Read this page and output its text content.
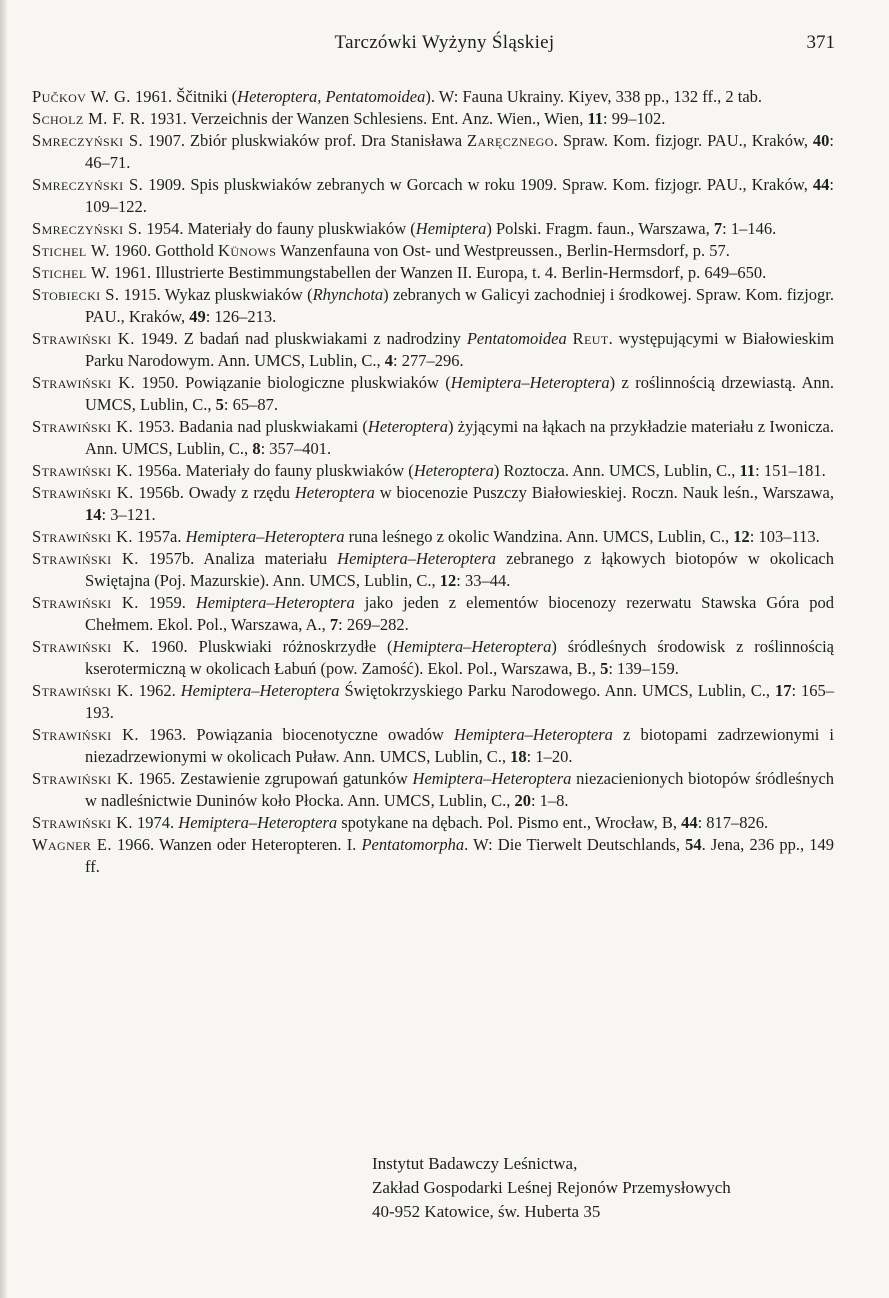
Tarczówki Wyżyny Śląskiej	371
Pučkov W. G. 1961. Ščitniki (Heteroptera, Pentatomoidea). W: Fauna Ukrainy. Kiyev, 338 pp., 132 ff., 2 tab.
Scholz M. F. R. 1931. Verzeichnis der Wanzen Schlesiens. Ent. Anz. Wien., Wien, 11: 99–102.
Smreczyński S. 1907. Zbiór pluskwiaków prof. Dra Stanisława Zaręcznego. Spraw. Kom. fizjogr. PAU., Kraków, 40: 46–71.
Smreczyński S. 1909. Spis pluskwiaków zebranych w Gorcach w roku 1909. Spraw. Kom. fizjogr. PAU., Kraków, 44: 109–122.
Smreczyński S. 1954. Materiały do fauny pluskwiaków (Hemiptera) Polski. Fragm. faun., Warszawa, 7: 1–146.
Stichel W. 1960. Gotthold Künows Wanzenfauna von Ost- und Westpreussen., Berlin-Hermsdorf, p. 57.
Stichel W. 1961. Illustrierte Bestimmungstabellen der Wanzen II. Europa, t. 4. Berlin-Hermsdorf, p. 649–650.
Stobiecki S. 1915. Wykaz pluskwiaków (Rhynchota) zebranych w Galicyi zachodniej i środkowej. Spraw. Kom. fizjogr. PAU., Kraków, 49: 126–213.
Strawiński K. 1949. Z badań nad pluskwiakami z nadrodziny Pentatomoidea Reut. występującymi w Białowieskim Parku Narodowym. Ann. UMCS, Lublin, C., 4: 277–296.
Strawiński K. 1950. Powiązanie biologiczne pluskwiaków (Hemiptera–Heteroptera) z roślinnością drzewiastą. Ann. UMCS, Lublin, C., 5: 65–87.
Strawiński K. 1953. Badania nad pluskwiakami (Heteroptera) żyjącymi na łąkach na przykładzie materiału z Iwonicza. Ann. UMCS, Lublin, C., 8: 357–401.
Strawiński K. 1956a. Materiały do fauny pluskwiaków (Heteroptera) Roztocza. Ann. UMCS, Lublin, C., 11: 151–181.
Strawiński K. 1956b. Owady z rzędu Heteroptera w biocenozie Puszczy Białowieskiej. Roczn. Nauk leśn., Warszawa, 14: 3–121.
Strawiński K. 1957a. Hemiptera–Heteroptera runa leśnego z okolic Wandzina. Ann. UMCS, Lublin, C., 12: 103–113.
Strawiński K. 1957b. Analiza materiału Hemiptera–Heteroptera zebranego z łąkowych biotopów w okolicach Swiętajna (Poj. Mazurskie). Ann. UMCS, Lublin, C., 12: 33–44.
Strawiński K. 1959. Hemiptera–Heteroptera jako jeden z elementów biocenozy rezerwatu Stawska Góra pod Chełmem. Ekol. Pol., Warszawa, A., 7: 269–282.
Strawiński K. 1960. Pluskwiaki różnoskrzydłe (Hemiptera–Heteroptera) śródleśnych środowisk z roślinnością kserotermiczną w okolicach Łabuń (pow. Zamość). Ekol. Pol., Warszawa, B., 5: 139–159.
Strawiński K. 1962. Hemiptera–Heteroptera Świętokrzyskiego Parku Narodowego. Ann. UMCS, Lublin, C., 17: 165–193.
Strawiński K. 1963. Powiązania biocenotyczne owadów Hemiptera–Heteroptera z biotopami zadrzewionymi i niezadrzewionymi w okolicach Puław. Ann. UMCS, Lublin, C., 18: 1–20.
Strawiński K. 1965. Zestawienie zgrupowań gatunków Hemiptera–Heteroptera niezacienionych biotopów śródleśnych w nadleśnictwie Duninów koło Płocka. Ann. UMCS, Lublin, C., 20: 1–8.
Strawiński K. 1974. Hemiptera–Heteroptera spotykane na dębach. Pol. Pismo ent., Wrocław, B, 44: 817–826.
Wagner E. 1966. Wanzen oder Heteropteren. I. Pentatomorpha. W: Die Tierwelt Deutschlands, 54. Jena, 236 pp., 149 ff.
Instytut Badawczy Leśnictwa,
Zakład Gospodarki Leśnej Rejonów Przemysłowych
40-952 Katowice, św. Huberta 35
